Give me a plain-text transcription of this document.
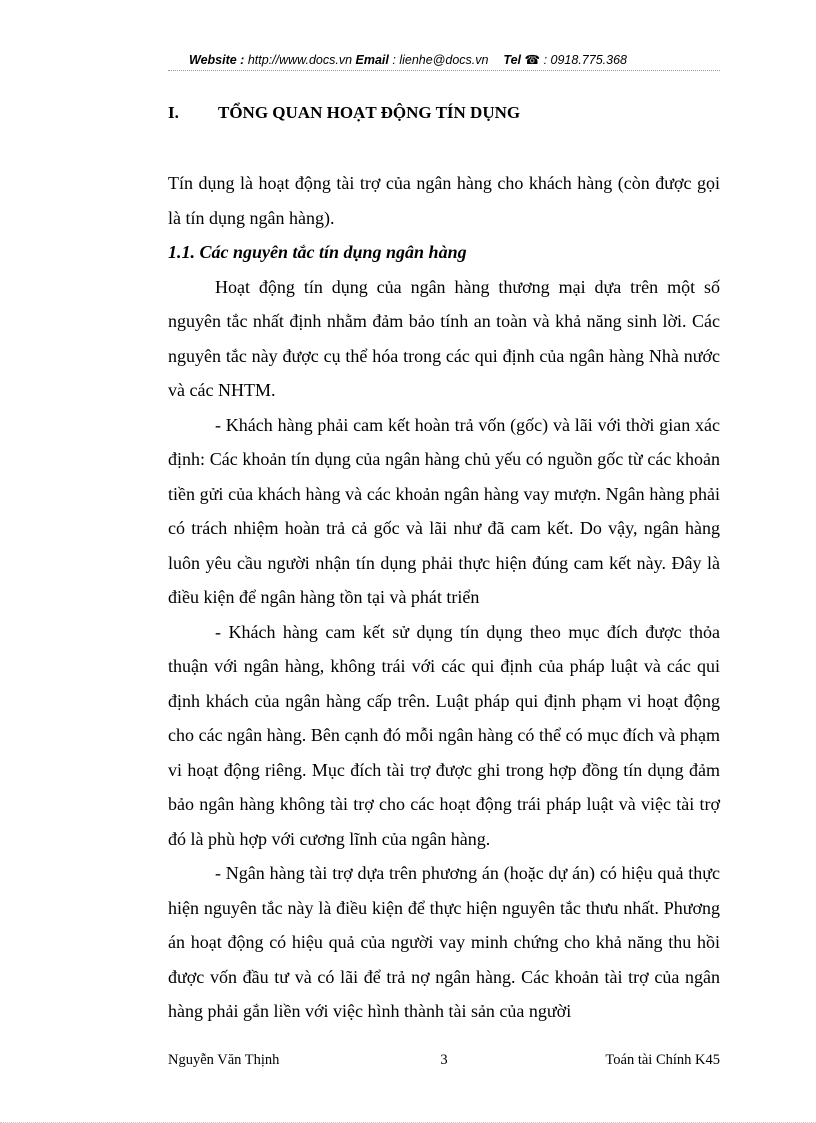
Website : http://www.docs.vn Email : lienhe@docs.vn Tel ☎ : 0918.775.368
I. TỔNG QUAN HOẠT ĐỘNG TÍN DỤNG

Tín dụng là hoạt động tài trợ của ngân hàng cho khách hàng (còn được gọi là tín dụng ngân hàng).

1.1. Các nguyên tắc tín dụng ngân hàng

Hoạt động tín dụng của ngân hàng thương mại dựa trên một số nguyên tắc nhất định nhằm đảm bảo tính an toàn và khả năng sinh lời. Các nguyên tắc này được cụ thể hóa trong các qui định của ngân hàng Nhà nước và các NHTM.

- Khách hàng phải cam kết hoàn trả vốn (gốc) và lãi với thời gian xác định: Các khoản tín dụng của ngân hàng chủ yếu có nguồn gốc từ các khoản tiền gửi của khách hàng và các khoản ngân hàng vay mượn. Ngân hàng phải có trách nhiệm hoàn trả cả gốc và lãi như đã cam kết. Do vậy, ngân hàng luôn yêu cầu người nhận tín dụng phải thực hiện đúng cam kết này. Đây là điều kiện để ngân hàng tồn tại và phát triển

- Khách hàng cam kết sử dụng tín dụng theo mục đích được thỏa thuận với ngân hàng, không trái với các qui định của pháp luật và các qui định khách của ngân hàng cấp trên. Luật pháp qui định phạm vi hoạt động cho các ngân hàng. Bên cạnh đó mỗi ngân hàng có thể có mục đích và phạm vi hoạt động riêng. Mục đích tài trợ được ghi trong hợp đồng tín dụng đảm bảo ngân hàng không tài trợ cho các hoạt động trái pháp luật và việc tài trợ đó là phù hợp với cương lĩnh của ngân hàng.

- Ngân hàng tài trợ dựa trên phương án (hoặc dự án) có hiệu quả thực hiện nguyên tắc này là điều kiện để thực hiện nguyên tắc thưu nhất. Phương án hoạt động có hiệu quả của người vay minh chứng cho khả năng thu hồi được vốn đầu tư và có lãi để trả nợ ngân hàng. Các khoản tài trợ của ngân hàng phải gắn liền với việc hình thành tài sản của người

Nguyễn Văn Thịnh	3	Toán tài Chính K45
